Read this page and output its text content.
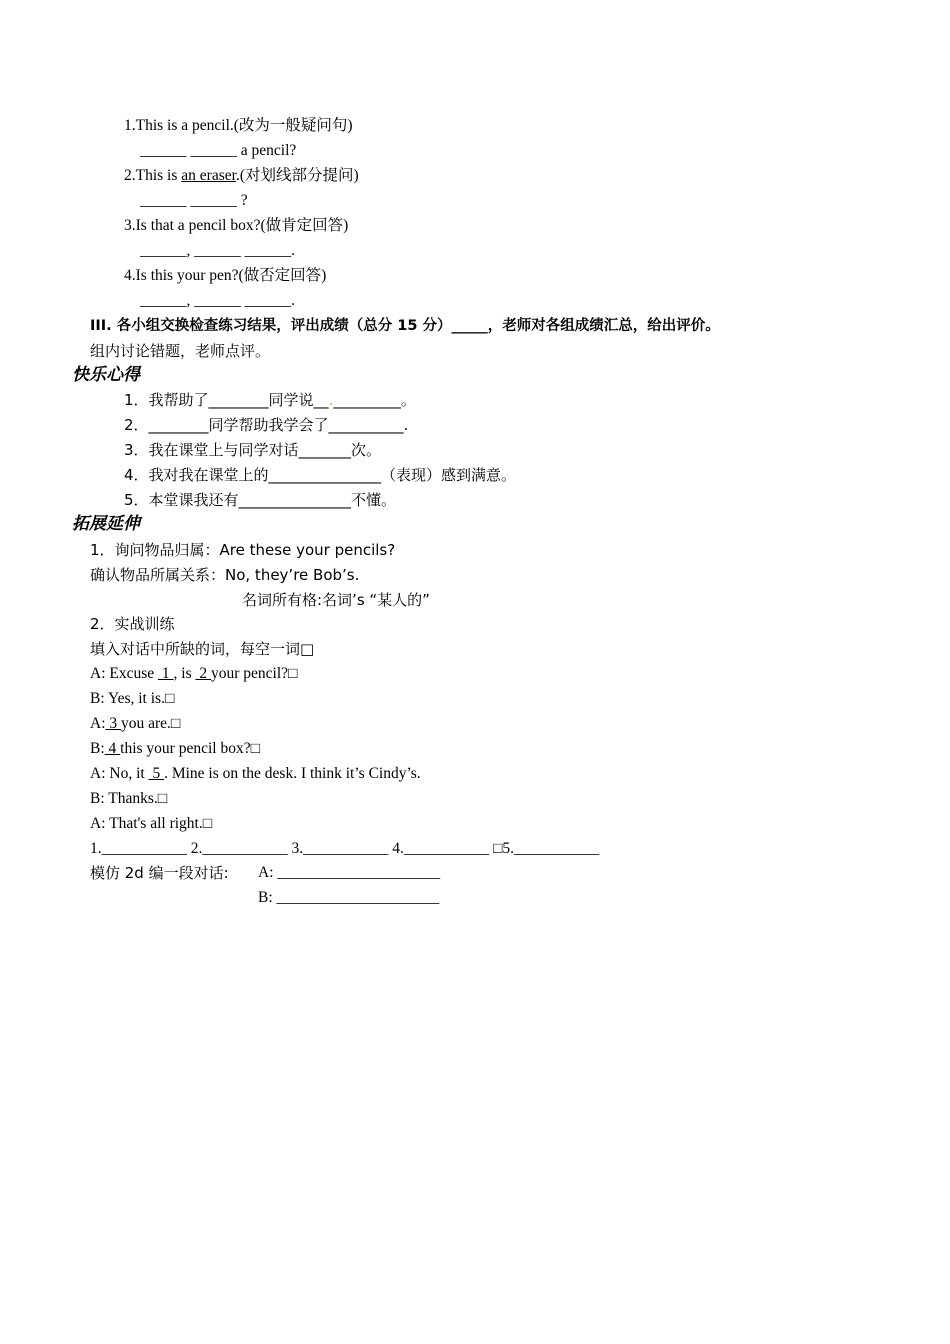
1.This is a pencil.(改为一般疑问句)
______ ______ a pencil?
2.This is an eraser.(对划线部分提问)
______ ______ ?
3.Is that a pencil box?(做肯定回答)
______, ______ ______.
4.Is this your pen?(做否定回答)
______, ______ ______.
III. 各小组交换检查练习结果，评出成绩（总分 15 分）_____，老师对各组成绩汇总，给出评价。
组内讨论错题，老师点评。
快乐心得
1．我帮助了________同学说__._________。
2．________同学帮助我学会了__________.
3．我在课堂上与同学对话_______次。
4．我对我在课堂上的_______________（表现）感到满意。
5．本堂课我还有_______________不懂。
拓展延伸
1．询问物品归属：Are these your pencils?
确认物品所属关系：No, they’re Bob’s.
名词所有格:名词’s “某人的”
2．实战训练
填入对话中所缺的词，每空一词□
A: Excuse  1 , is  2 your pencil?□
B: Yes, it is.□
A: 3 you are.□
B: 4 this your pencil box?□
A: No, it  5 . Mine is on the desk. I think it’s Cindy’s.
B: Thanks.□
A: That's all right.□
1.___________ 2.___________ 3.___________ 4.___________ □5.___________
模仿 2d 编一段对话: A: _____________________
B: _____________________
